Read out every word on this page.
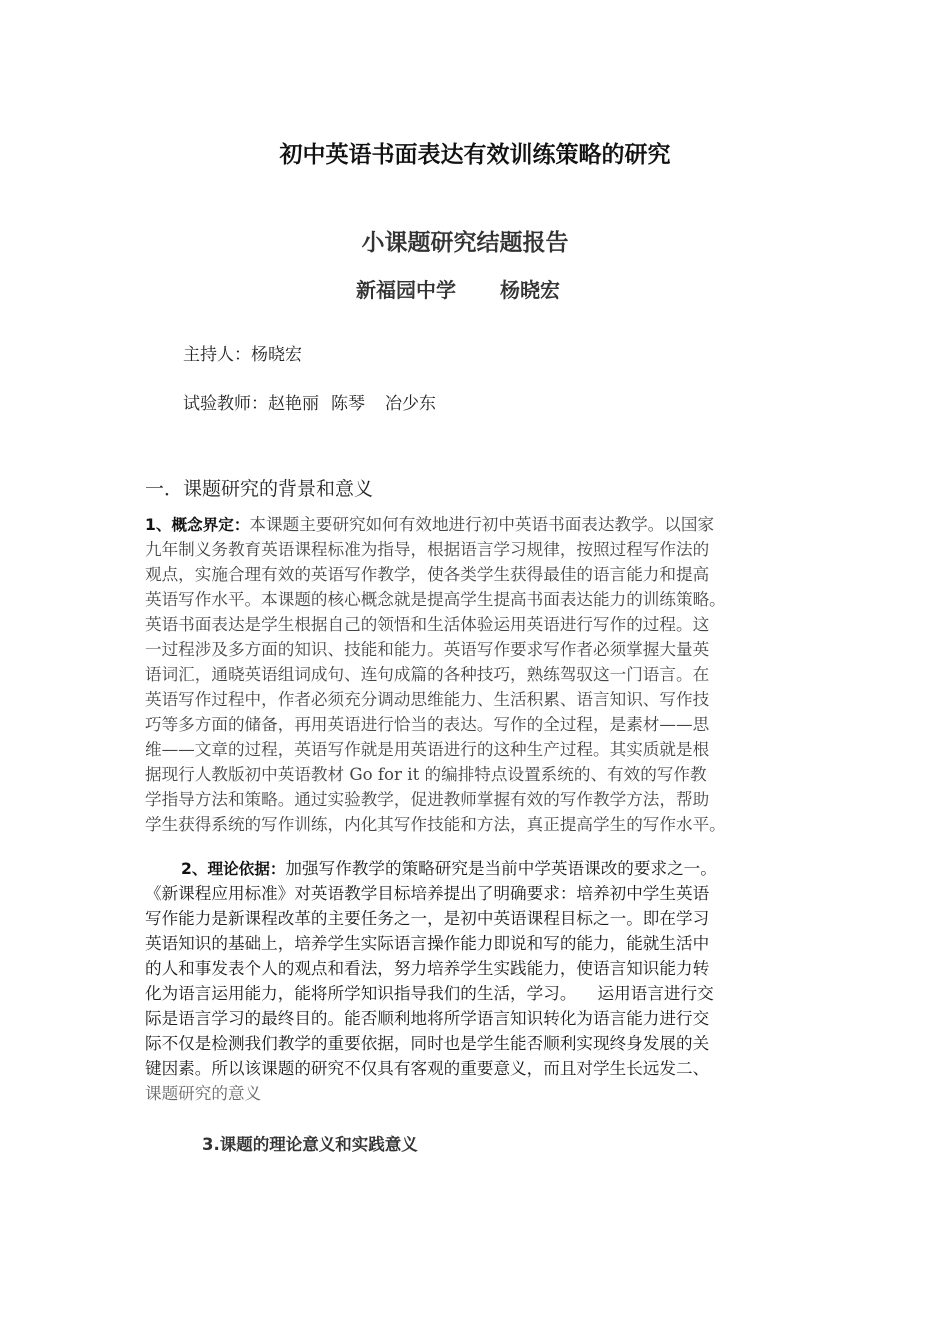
初中英语书面表达有效训练策略的研究
小课题研究结题报告
新福园中学 杨晓宏
主持人：杨晓宏
试验教师：赵艳丽 陈琴 冶少东
一．课题研究的背景和意义
1、概念界定：本课题主要研究如何有效地进行初中英语书面表达教学。以国家
九年制义务教育英语课程标准为指导，根据语言学习规律，按照过程写作法的
观点，实施合理有效的英语写作教学，使各类学生获得最佳的语言能力和提高
英语写作水平。本课题的核心概念就是提高学生提高书面表达能力的训练策略。
英语书面表达是学生根据自己的领悟和生活体验运用英语进行写作的过程。这
一过程涉及多方面的知识、技能和能力。英语写作要求写作者必须掌握大量英
语词汇，通晓英语组词成句、连句成篇的各种技巧，熟练驾驭这一门语言。在
英语写作过程中，作者必须充分调动思维能力、生活积累、语言知识、写作技
巧等多方面的储备，再用英语进行恰当的表达。写作的全过程，是素材——思
维——文章的过程，英语写作就是用英语进行的这种生产过程。其实质就是根
据现行人教版初中英语教材 Go for it 的编排特点设置系统的、有效的写作教
学指导方法和策略。通过实验教学，促进教师掌握有效的写作教学方法，帮助
学生获得系统的写作训练，内化其写作技能和方法，真正提高学生的写作水平。
2、理论依据：加强写作教学的策略研究是当前中学英语课改的要求之一。
《新课程应用标准》对英语教学目标培养提出了明确要求：培养初中学生英语
写作能力是新课程改革的主要任务之一，是初中英语课程目标之一。即在学习
英语知识的基础上，培养学生实际语言操作能力即说和写的能力，能就生活中
的人和事发表个人的观点和看法，努力培养学生实践能力，使语言知识能力转
化为语言运用能力，能将所学知识指导我们的生活，学习。    运用语言进行交
际是语言学习的最终目的。能否顺利地将所学语言知识转化为语言能力进行交
际不仅是检测我们教学的重要依据，同时也是学生能否顺利实现终身发展的关
键因素。所以该课题的研究不仅具有客观的重要意义，而且对学生长远发二、
课题研究的意义
3.课题的理论意义和实践意义
